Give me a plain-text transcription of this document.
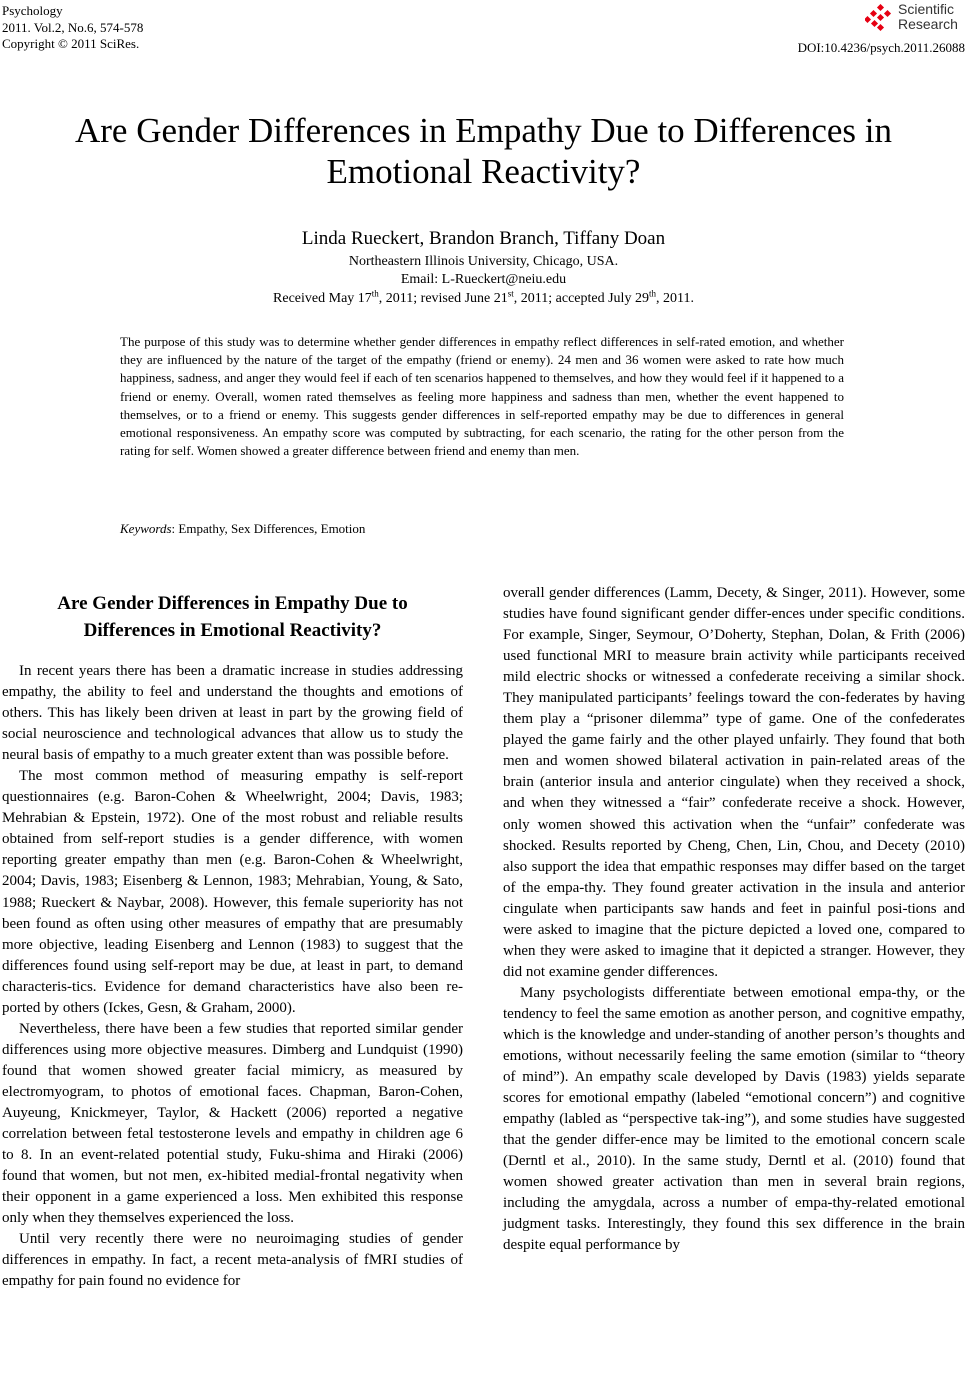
Psychology
2011. Vol.2, No.6, 574-578
Copyright © 2011 SciRes.
Scientific
Research
DOI:10.4236/psych.2011.26088
Are Gender Differences in Empathy Due to Differences in
Emotional Reactivity?
Linda Rueckert, Brandon Branch, Tiffany Doan
Northeastern Illinois University, Chicago, USA.
Email: L-Rueckert@neiu.edu
Received May 17th, 2011; revised June 21st, 2011; accepted July 29th, 2011.

The purpose of this study was to determine whether gender differences in empathy reflect differences in self-rated emotion, and whether they are influenced by the nature of the target of the empathy (friend or enemy). 24 men and 36 women were asked to rate how much happiness, sadness, and anger they would feel if each of ten scenarios happened to themselves, and how they would feel if it happened to a friend or enemy. Overall, women rated themselves as feeling more happiness and sadness than men, whether the event happened to themselves, or to a friend or enemy. This suggests gender differences in self-reported empathy may be due to differences in general emotional responsiveness. An empathy score was computed by subtracting, for each scenario, the rating for the other person from the rating for self. Women showed a greater difference between friend and enemy than men.

Keywords: Empathy, Sex Differences, Emotion
Are Gender Differences in Empathy Due to
Differences in Emotional Reactivity?

In recent years there has been a dramatic increase in studies addressing empathy, the ability to feel and understand the thoughts and emotions of others. This has likely been driven at least in part by the growing field of social neuroscience and technological advances that allow us to study the neural basis of empathy to a much greater extent than was possible before.

The most common method of measuring empathy is self-report questionnaires (e.g. Baron-Cohen & Wheelwright, 2004; Davis, 1983; Mehrabian & Epstein, 1972). One of the most robust and reliable results obtained from self-report studies is a gender difference, with women reporting greater empathy than men (e.g. Baron-Cohen & Wheelwright, 2004; Davis, 1983; Eisenberg & Lennon, 1983; Mehrabian, Young, & Sato, 1988; Rueckert & Naybar, 2008). However, this female superiority has not been found as often using other measures of empathy that are presumably more objective, leading Eisenberg and Lennon (1983) to suggest that the differences found using self-report may be due, at least in part, to demand characteris-tics. Evidence for demand characteristics have also been re-ported by others (Ickes, Gesn, & Graham, 2000).

Nevertheless, there have been a few studies that reported similar gender differences using more objective measures. Dimberg and Lundquist (1990) found that women showed greater facial mimicry, as measured by electromyogram, to photos of emotional faces. Chapman, Baron-Cohen, Auyeung, Knickmeyer, Taylor, & Hackett (2006) reported a negative correlation between fetal testosterone levels and empathy in children age 6 to 8. In an event-related potential study, Fuku-shima and Hiraki (2006) found that women, but not men, ex-hibited medial-frontal negativity when their opponent in a game experienced a loss. Men exhibited this response only when they themselves experienced the loss.

Until very recently there were no neuroimaging studies of gender differences in empathy. In fact, a recent meta-analysis of fMRI studies of empathy for pain found no evidence for

overall gender differences (Lamm, Decety, & Singer, 2011). However, some studies have found significant gender differ-ences under specific conditions. For example, Singer, Seymour, O’Doherty, Stephan, Dolan, & Frith (2006) used functional MRI to measure brain activity while participants received mild electric shocks or witnessed a confederate receiving a similar shock. They manipulated participants’ feelings toward the con-federates by having them play a “prisoner dilemma” type of game. One of the confederates played the game fairly and the other played unfairly. They found that both men and women showed bilateral activation in pain-related areas of the brain (anterior insula and anterior cingulate) when they received a shock, and when they witnessed a “fair” confederate receive a shock. However, only women showed this activation when the “unfair” confederate was shocked. Results reported by Cheng, Chen, Lin, Chou, and Decety (2010) also support the idea that empathic responses may differ based on the target of the empa-thy. They found greater activation in the insula and anterior cingulate when participants saw hands and feet in painful posi-tions and were asked to imagine that the picture depicted a loved one, compared to when they were asked to imagine that it depicted a stranger. However, they did not examine gender differences.

Many psychologists differentiate between emotional empa-thy, or the tendency to feel the same emotion as another person, and cognitive empathy, which is the knowledge and under-standing of another person’s thoughts and emotions, without necessarily feeling the same emotion (similar to “theory of mind”). An empathy scale developed by Davis (1983) yields separate scores for emotional empathy (labeled “emotional concern”) and cognitive empathy (labled as “perspective tak-ing”), and some studies have suggested that the gender differ-ence may be limited to the emotional concern scale (Derntl et al., 2010). In the same study, Derntl et al. (2010) found that women showed greater activation than men in several brain regions, including the amygdala, across a number of empa-thy-related emotional judgment tasks. Interestingly, they found this sex difference in the brain despite equal performance by
